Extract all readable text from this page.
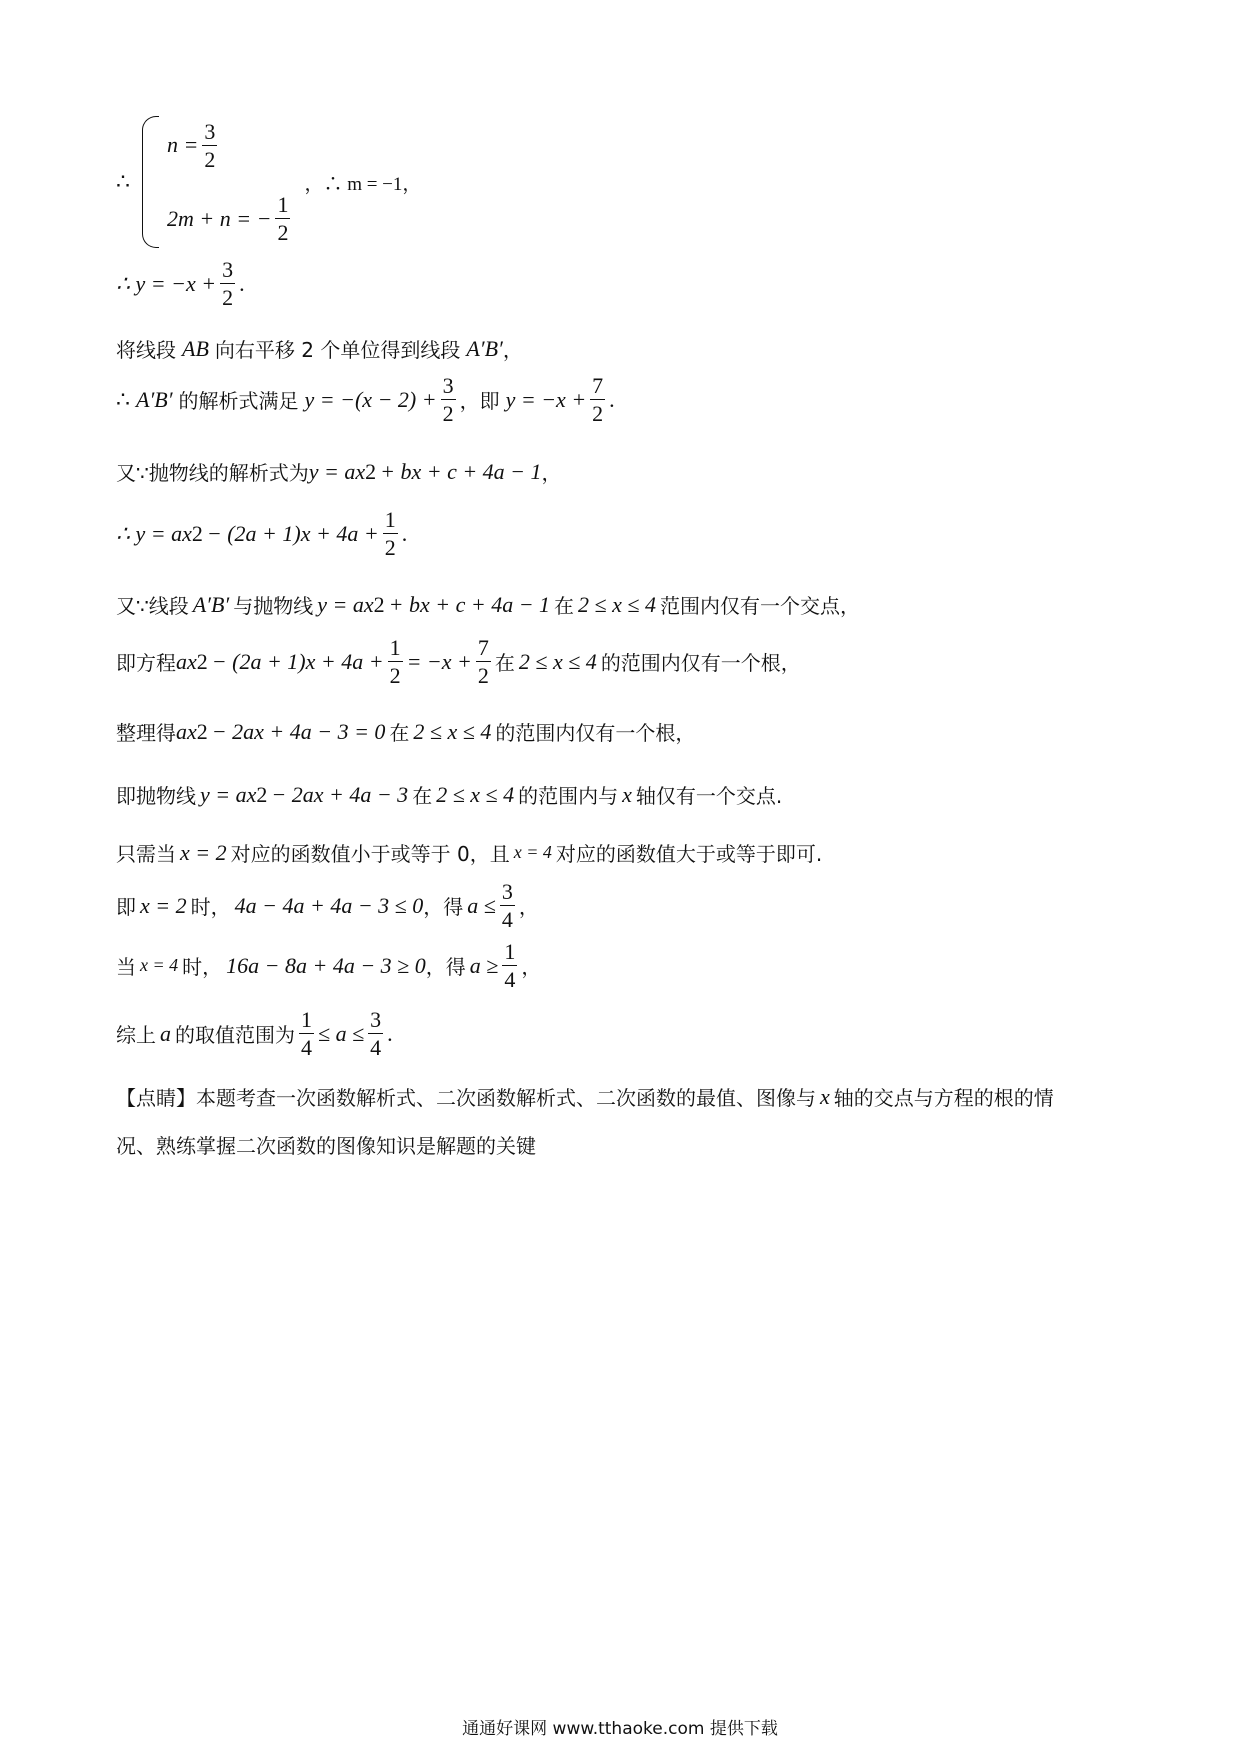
∴
$n = \frac{3}{2}$
2m + n = − $\frac{1}{2}$
，∴ m = −1，
∴ $y = -x + \frac{3}{2}$ .
将线段 AB 向右平移 2 个单位得到线段 A′B′ ，
∴ A′B′ 的解析式满足 $y = -(x - 2) + \frac{3}{2}$ ，即 $y = -x + \frac{7}{2}$ .
又∵抛物线的解析式为 y = ax 2 + bx + c + 4a − 1 ，
∴ y = ax $2 - (2a + 1)x + 4a + \frac{1}{2}$ .
又∵线段 A′B′ 与抛物线 y = ax 2 + bx + c + 4a − 1 在 2 ≤ x ≤ 4 范围内仅有一个交点，
即方程 ax $2 - (2a + 1)x + 4a + \frac{1}{2} = -x + \frac{7}{2}$ 在 2 ≤ x ≤ 4 的范围内仅有一个根，
整理得 ax 2 − 2ax + 4a − 3 = 0 在 2 ≤ x ≤ 4 的范围内仅有一个根，
即抛物线 y = ax 2 − 2ax + 4a − 3 在 2 ≤ x ≤ 4 的范围内与 x 轴仅有一个交点.
只需当 x = 2 对应的函数值小于或等于 0，且 x = 4 对应的函数值大于或等于即可.
即 x = 2 时， 4a − 4a + 4a − 3 ≤ 0 ，得 $a \le \frac{3}{4}$ ，
当 x = 4 时， 16a − 8a + 4a − 3 ≥ 0 ，得 $a \ge \frac{1}{4}$ ，
综上 a 的取值范围为 $\frac{1}{4} \le a \le \frac{3}{4}$ .
【点睛】本题考查一次函数解析式、二次函数解析式、二次函数的最值、图像与 x 轴的交点与方程的根的情
况、熟练掌握二次函数的图像知识是解题的关键
通通好课网 www.tthaoke.com 提供下载
